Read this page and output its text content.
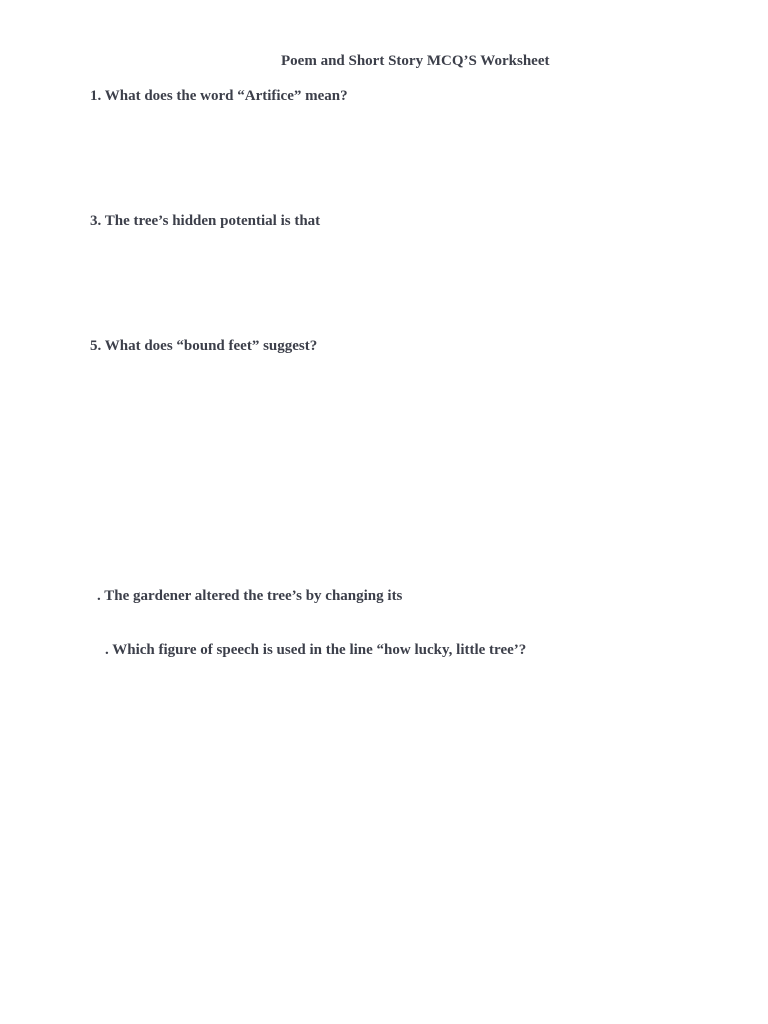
Poem and Short Story MCQ’S Worksheet
1. What does the word “Artifice” mean?
3. The tree’s hidden potential is that
5. What does “bound feet” suggest?
. The gardener altered the tree’s by changing its
. Which figure of speech is used in the line “how lucky, little tree’?
